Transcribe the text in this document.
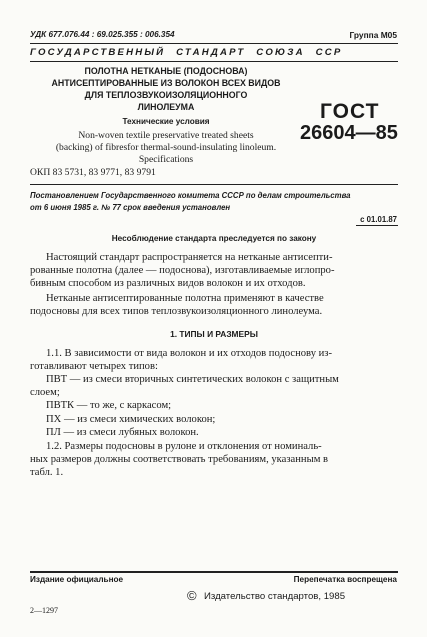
УДК 677.076.44 : 69.025.355 : 006.354	Группа М05
ГОСУДАРСТВЕННЫЙ СТАНДАРТ СОЮЗА ССР
ПОЛОТНА НЕТКАНЫЕ (ПОДОСНОВА)
АНТИСЕПТИРОВАННЫЕ ИЗ ВОЛОКОН ВСЕХ ВИДОВ
ДЛЯ ТЕПЛОЗВУКОИЗОЛЯЦИОННОГО
ЛИНОЛЕУМА
Технические условия
Non-woven textile preservative treated sheets
(backing) of fibresfor thermal-sound-insulating linoleum.
Specifications
ОКП 83 5731, 83 9771, 83 9791
ГОСТ
26604—85
Постановлением Государственного комитета СССР по делам строительства
от 6 июня 1985 г. № 77 срок введения установлен
с 01.01.87
Несоблюдение стандарта преследуется по закону
Настоящий стандарт распространяется на нетканые антисепти-
рованные полотна (далее — подоснова), изготавливаемые иглопро-
бивным способом из различных видов волокон и их отходов.
Нетканые антисептированные полотна применяют в качестве
подосновы для всех типов теплозвукоизоляционного линолеума.
1. ТИПЫ И РАЗМЕРЫ
1.1. В зависимости от вида волокон и их отходов подоснову из-
готавливают четырех типов:
ПВТ — из смеси вторичных синтетических волокон с защитным
слоем;
ПВТК — то же, с каркасом;
ПХ — из смеси химических волокон;
ПЛ — из смеси лубяных волокон.
1.2. Размеры подосновы в рулоне и отклонения от номиналь-
ных размеров должны соответствовать требованиям, указанным в
табл. 1.
Издание официальное	Перепечатка воспрещена
© Издательство стандартов, 1985
2—1297
